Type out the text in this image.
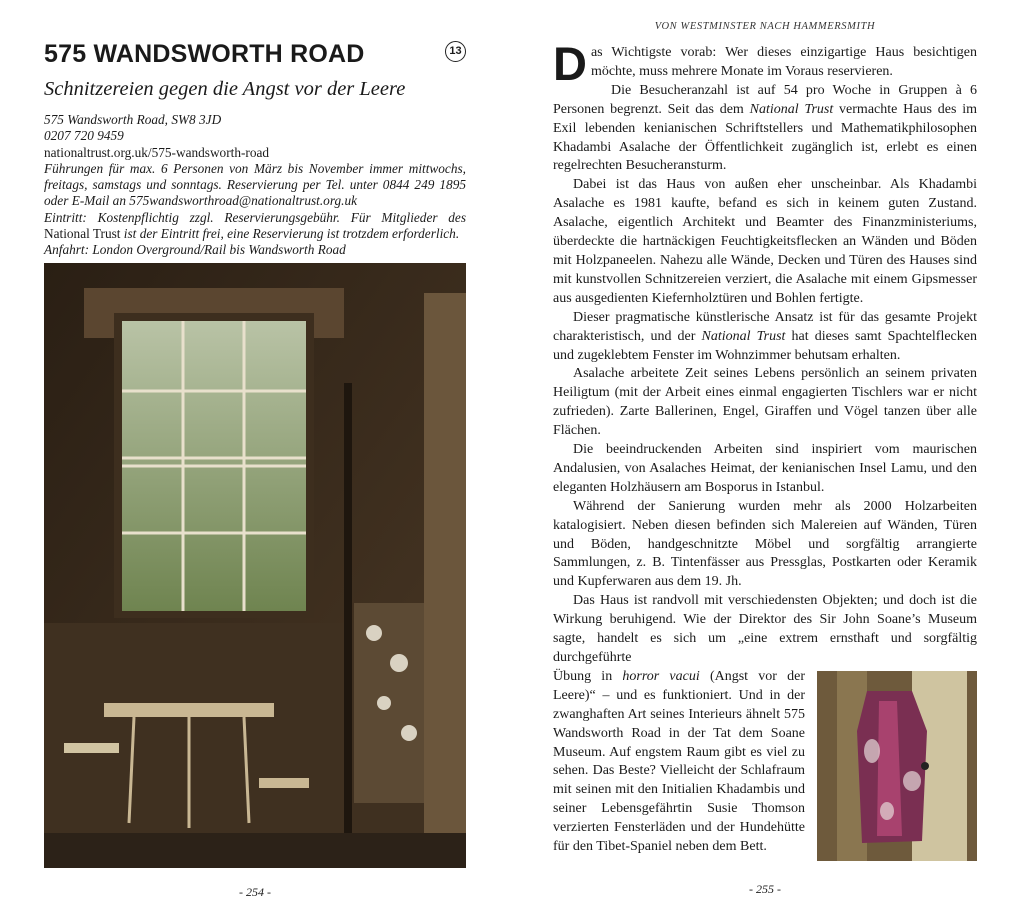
575 WANDSWORTH ROAD	13
Schnitzereien gegen die Angst vor der Leere
575 Wandsworth Road, SW8 3JD
0207 720 9459
nationaltrust.org.uk/575-wandsworth-road
Führungen für max. 6 Personen von März bis November immer mittwochs, freitags, samstags und sonntags. Reservierung per Tel. unter 0844 249 1895 oder E-Mail an 575wandsworthroad@nationaltrust.org.uk
Eintritt: Kostenpflichtig zzgl. Reservierungsgebühr. Für Mitglieder des National Trust ist der Eintritt frei, eine Reservierung ist trotzdem erforderlich.
Anfahrt: London Overground/Rail bis Wandsworth Road
- 254 -
VON WESTMINSTER NACH HAMMERSMITH

Das Wichtigste vorab: Wer dieses einzigartige Haus besichtigen möchte, muss mehrere Monate im Voraus reservieren.

Die Besucheranzahl ist auf 54 pro Woche in Gruppen à 6 Personen begrenzt. Seit das dem National Trust vermachte Haus des im Exil lebenden kenianischen Schriftstellers und Mathematikphilosophen Khadambi Asalache der Öffentlichkeit zugänglich ist, erlebt es einen regelrechten Besucheransturm.

Dabei ist das Haus von außen eher unscheinbar. Als Khadambi Asalache es 1981 kaufte, befand es sich in keinem guten Zustand. Asalache, eigentlich Architekt und Beamter des Finanzministeriums, überdeckte die hartnäckigen Feuchtigkeitsflecken an Wänden und Böden mit Holzpaneelen. Nahezu alle Wände, Decken und Türen des Hauses sind mit kunstvollen Schnitzereien verziert, die Asalache mit einem Gipsmesser aus ausgedienten Kiefernholztüren und Bohlen fertigte.

Dieser pragmatische künstlerische Ansatz ist für das gesamte Projekt charakteristisch, und der National Trust hat dieses samt Spachtelflecken und zugeklebtem Fenster im Wohnzimmer behutsam erhalten.

Asalache arbeitete Zeit seines Lebens persönlich an seinem privaten Heiligtum (mit der Arbeit eines einmal engagierten Tischlers war er nicht zufrieden). Zarte Ballerinen, Engel, Giraffen und Vögel tanzen über alle Flächen.

Die beeindruckenden Arbeiten sind inspiriert vom maurischen Andalusien, von Asalaches Heimat, der kenianischen Insel Lamu, und den eleganten Holzhäusern am Bosporus in Istanbul.

Während der Sanierung wurden mehr als 2000 Holzarbeiten katalogisiert. Neben diesen befinden sich Malereien auf Wänden, Türen und Böden, handgeschnitzte Möbel und sorgfältig arrangierte Sammlungen, z. B. Tintenfässer aus Pressglas, Postkarten oder Keramik und Kupferwaren aus dem 19. Jh.

Das Haus ist randvoll mit verschiedensten Objekten; und doch ist die Wirkung beruhigend. Wie der Direktor des Sir John Soane’s Museum sagte, handelt es sich um „eine extrem ernsthaft und sorgfältig durchgeführte

Übung in horror vacui (Angst vor der Leere)“ – und es funktioniert. Und in der zwanghaften Art seines Interieurs ähnelt 575 Wandsworth Road in der Tat dem Soane Museum. Auf engstem Raum gibt es viel zu sehen. Das Beste? Vielleicht der Schlafraum mit seinen mit den Initialien Khadambis und seiner Lebensgefährtin Susie Thomson verzierten Fensterläden und der Hundehütte für den Tibet-Spaniel neben dem Bett.
- 255 -
